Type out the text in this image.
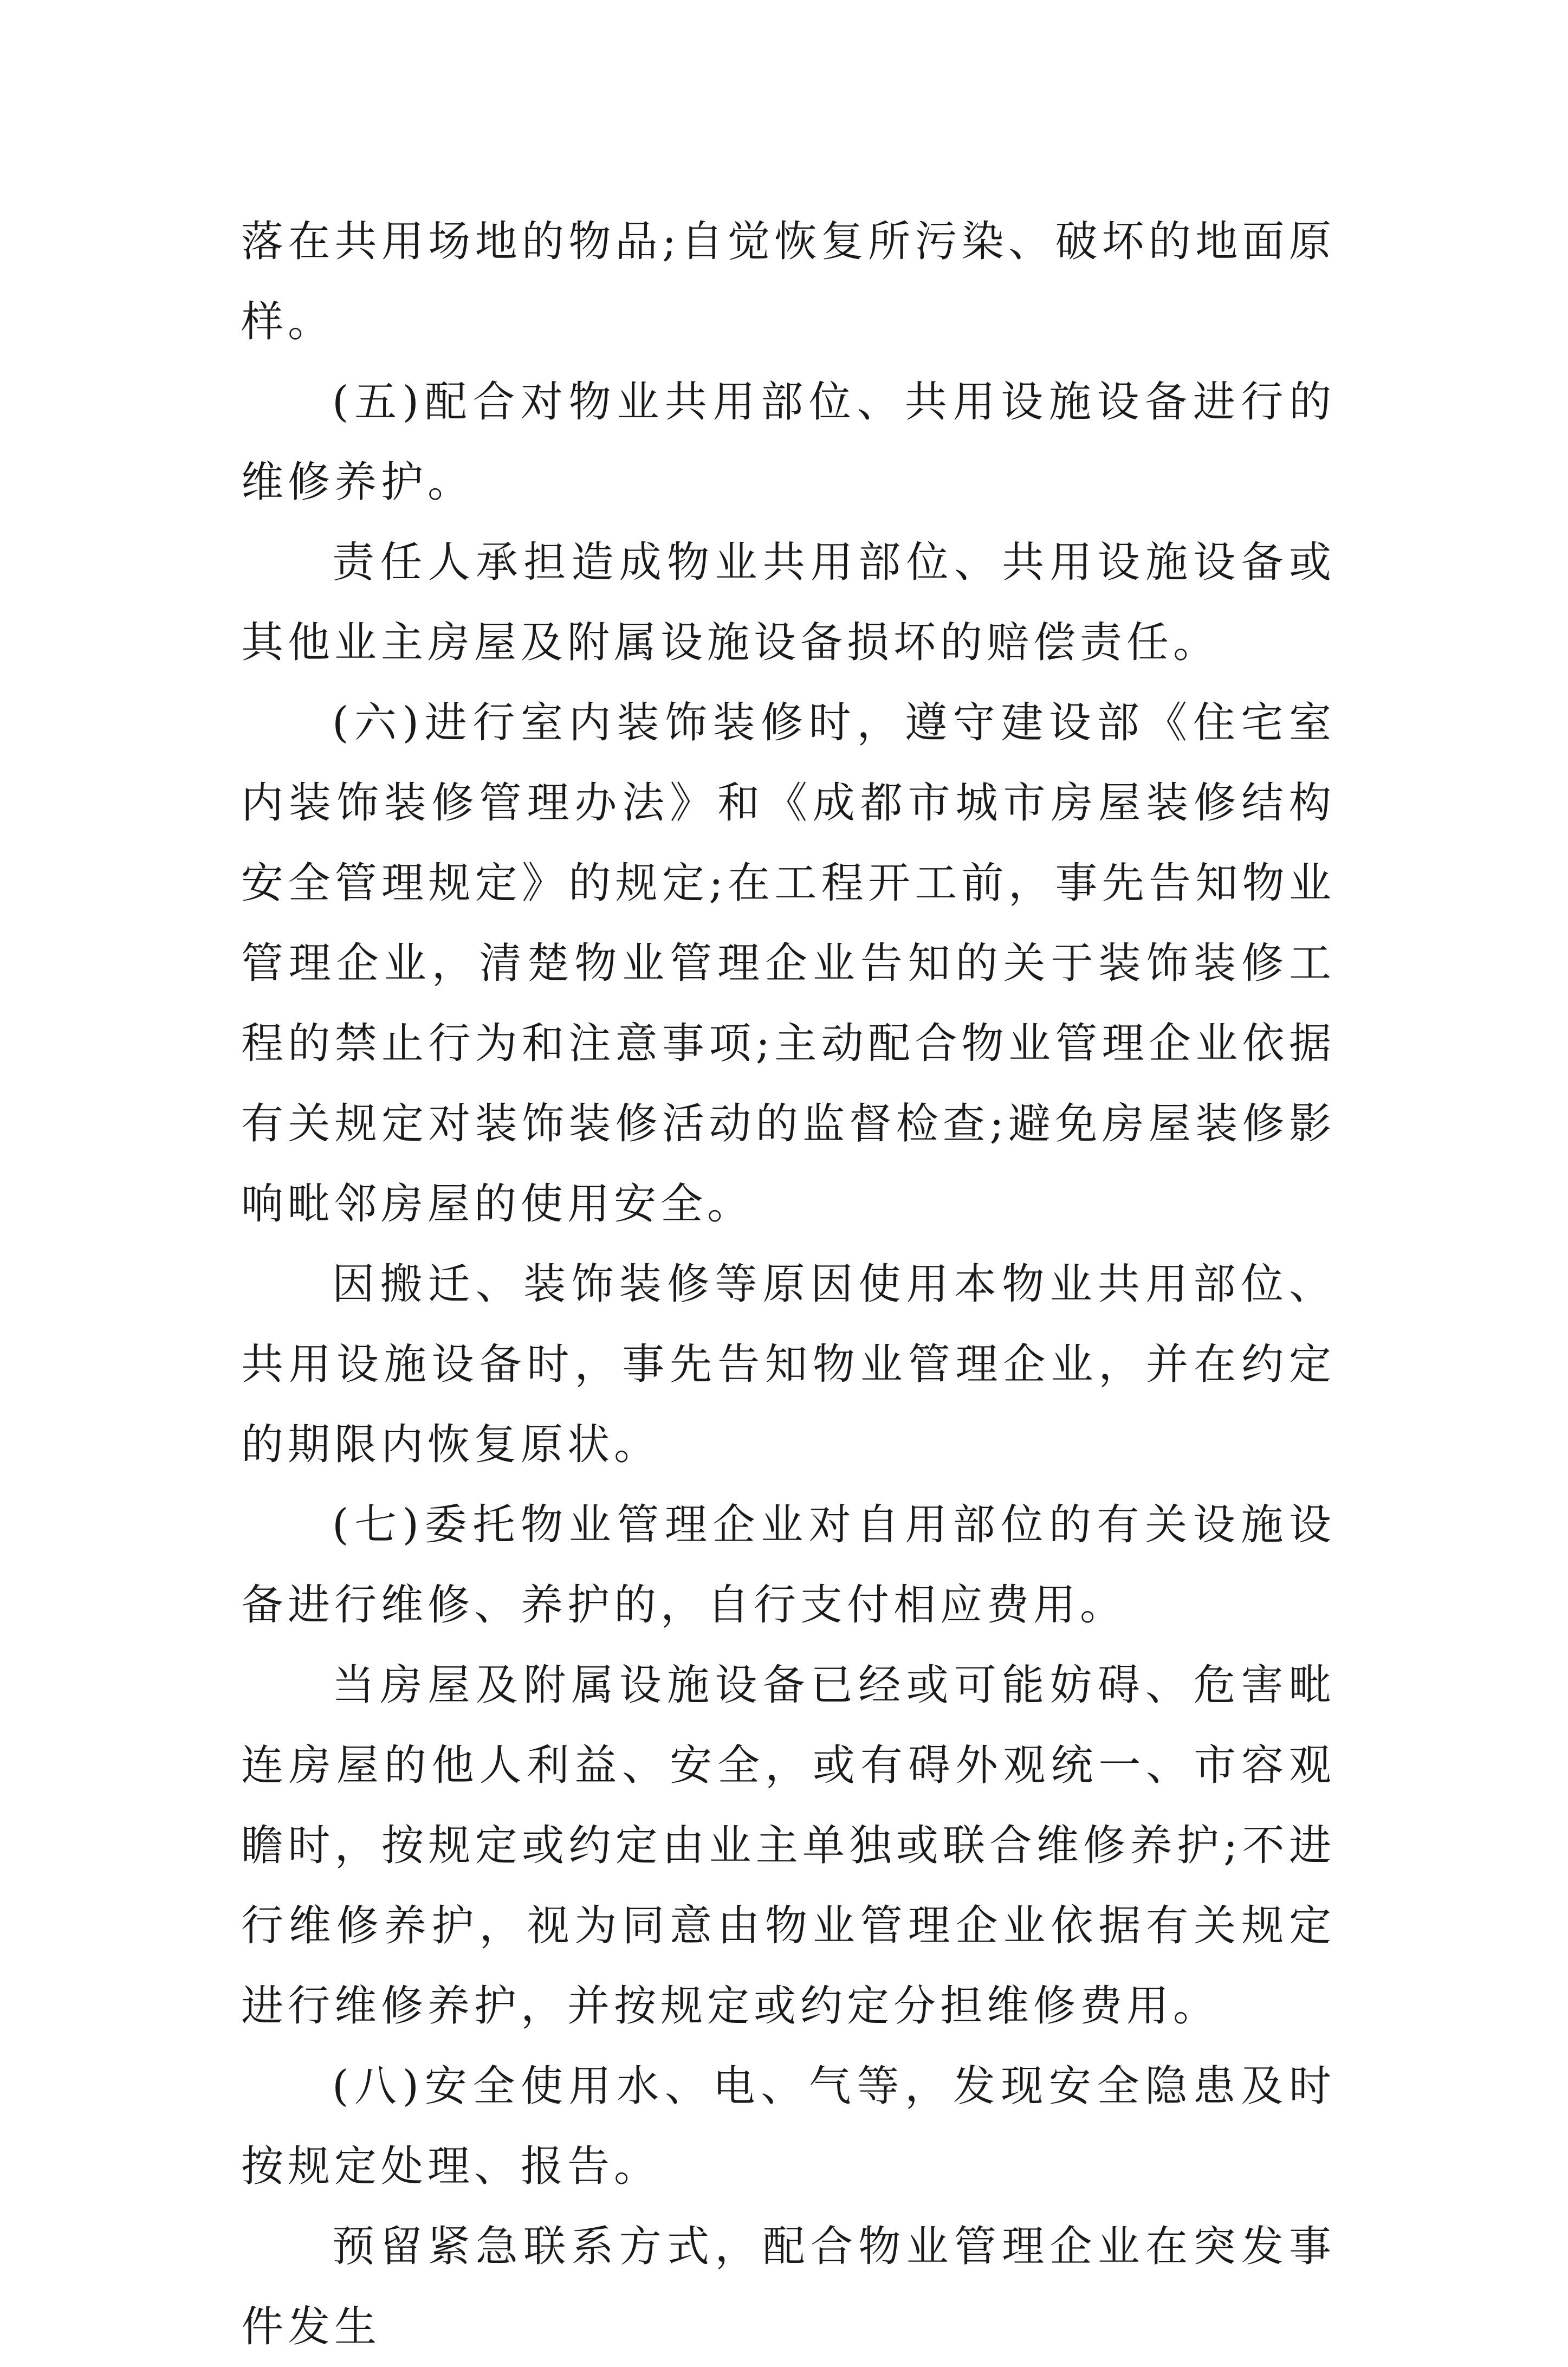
落在共用场地的物品;自觉恢复所污染、破坏的地面原样。

(五)配合对物业共用部位、共用设施设备进行的维修养护。

责任人承担造成物业共用部位、共用设施设备或其他业主房屋及附属设施设备损坏的赔偿责任。

(六)进行室内装饰装修时，遵守建设部《住宅室内装饰装修管理办法》和《成都市城市房屋装修结构安全管理规定》的规定;在工程开工前，事先告知物业管理企业，清楚物业管理企业告知的关于装饰装修工程的禁止行为和注意事项;主动配合物业管理企业依据有关规定对装饰装修活动的监督检查;避免房屋装修影响毗邻房屋的使用安全。

因搬迁、装饰装修等原因使用本物业共用部位、共用设施设备时，事先告知物业管理企业，并在约定的期限内恢复原状。

(七)委托物业管理企业对自用部位的有关设施设备进行维修、养护的，自行支付相应费用。

当房屋及附属设施设备已经或可能妨碍、危害毗连房屋的他人利益、安全，或有碍外观统一、市容观瞻时，按规定或约定由业主单独或联合维修养护;不进行维修养护，视为同意由物业管理企业依据有关规定进行维修养护，并按规定或约定分担维修费用。

(八)安全使用水、电、气等，发现安全隐患及时按规定处理、报告。

预留紧急联系方式，配合物业管理企业在突发事件发生
